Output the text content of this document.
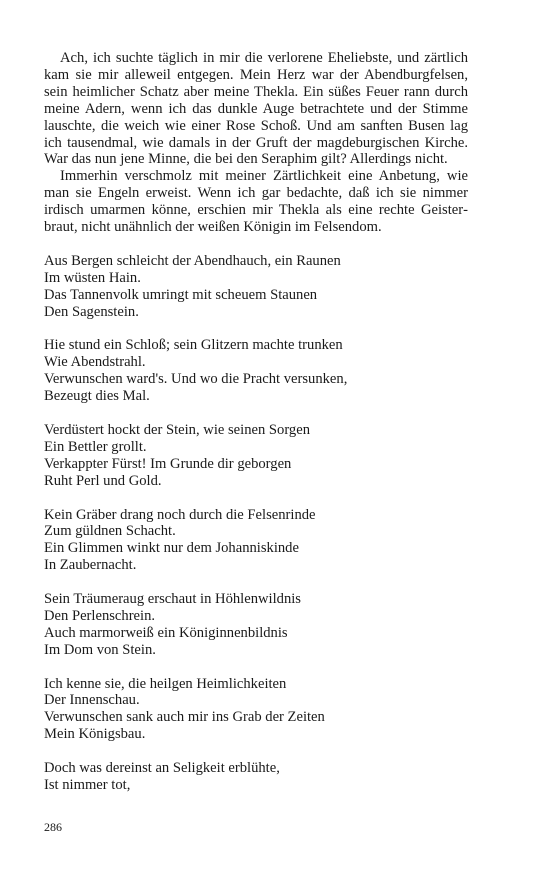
Ach, ich suchte täglich in mir die verlorene Eheliebste, und zärtlich kam sie mir alleweil entgegen. Mein Herz war der Abendburgfelsen, sein heimlicher Schatz aber meine Thekla. Ein süßes Feuer rann durch meine Adern, wenn ich das dunkle Auge betrachtete und der Stimme lauschte, die weich wie einer Rose Schoß. Und am sanften Busen lag ich tausendmal, wie damals in der Gruft der magdeburgischen Kirche. War das nun jene Minne, die bei den Seraphim gilt? Allerdings nicht.

Immerhin verschmolz mit meiner Zärtlichkeit eine Anbetung, wie man sie Engeln erweist. Wenn ich gar bedachte, daß ich sie nimmer irdisch umarmen könne, erschien mir Thekla als eine rechte Geisterbraut, nicht unähnlich der weißen Königin im Felsendom.

Aus Bergen schleicht der Abendhauch, ein Raunen
Im wüsten Hain.
Das Tannenvolk umringt mit scheuem Staunen
Den Sagenstein.
Hie stund ein Schloß; sein Glitzern machte trunken
Wie Abendstrahl.
Verwunschen ward's. Und wo die Pracht versunken,
Bezeugt dies Mal.
Verdüstert hockt der Stein, wie seinen Sorgen
Ein Bettler grollt.
Verkappter Fürst! Im Grunde dir geborgen
Ruht Perl und Gold.
Kein Gräber drang noch durch die Felsenrinde
Zum güldnen Schacht.
Ein Glimmen winkt nur dem Johanniskinde
In Zaubernacht.
Sein Träumeraug erschaut in Höhlenwildnis
Den Perlenschrein.
Auch marmorweiß ein Königinnenbildnis
Im Dom von Stein.
Ich kenne sie, die heilgen Heimlichkeiten
Der Innenschau.
Verwunschen sank auch mir ins Grab der Zeiten
Mein Königsbau.
Doch was dereinst an Seligkeit erblühte,
Ist nimmer tot,
286
